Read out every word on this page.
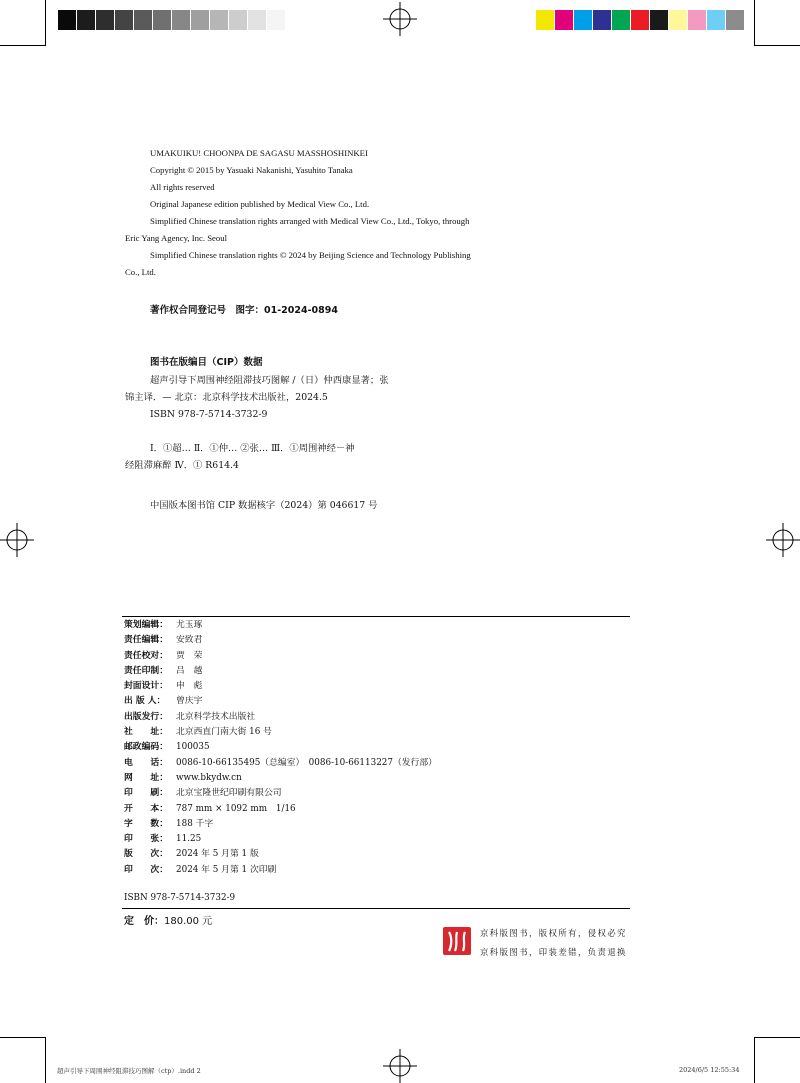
UMAKUIKU! CHOONPA DE SAGASU MASSHOSHINKEI

Copyright © 2015 by Yasuaki Nakanishi, Yasuhito Tanaka

All rights reserved

Original Japanese edition published by Medical View Co., Ltd.

Simplified Chinese translation rights arranged with Medical View Co., Ltd., Tokyo, through

Eric Yang Agency, Inc. Seoul

Simplified Chinese translation rights © 2024 by Beijing Science and Technology Publishing

Co., Ltd.

著作权合同登记号　图字：01-2024-0894
图书在版编目（CIP）数据

超声引导下周围神经阻滞技巧图解 /（日）仲西康显著；张

锦主译．— 北京：北京科学技术出版社，2024.5

ISBN 978-7-5714-3732-9

Ⅰ．①超… Ⅱ．①仲… ②张… Ⅲ．①周围神经－神

经阻滞麻醉 Ⅳ．① R614.4

中国版本图书馆 CIP 数据核字（2024）第 046617 号
策划编辑： 尤玉琢
责任编辑： 安致君
责任校对： 贾　荣
责任印制： 吕　越
封面设计： 申　彪
出 版 人： 曾庆宇
出版发行： 北京科学技术出版社
社　　址： 北京西直门南大街 16 号
邮政编码： 100035
电　　话： 0086-10-66135495（总编室）　0086-10-66113227（发行部）
网　　址： www.bkydw.cn
印　　刷： 北京宝隆世纪印刷有限公司
开　　本： 787 mm × 1092 mm　1/16
字　　数： 188 千字
印　　张： 11.25
版　　次： 2024 年 5 月第 1 版
印　　次： 2024 年 5 月第 1 次印刷
ISBN 978-7-5714-3732-9
定　价：180.00 元
京科版图书，版权所有，侵权必究
京科版图书，印装差错，负责退换
超声引导下周围神经阻滞技巧图解（ctp）.indd 2	2024/6/5 12:55:34
